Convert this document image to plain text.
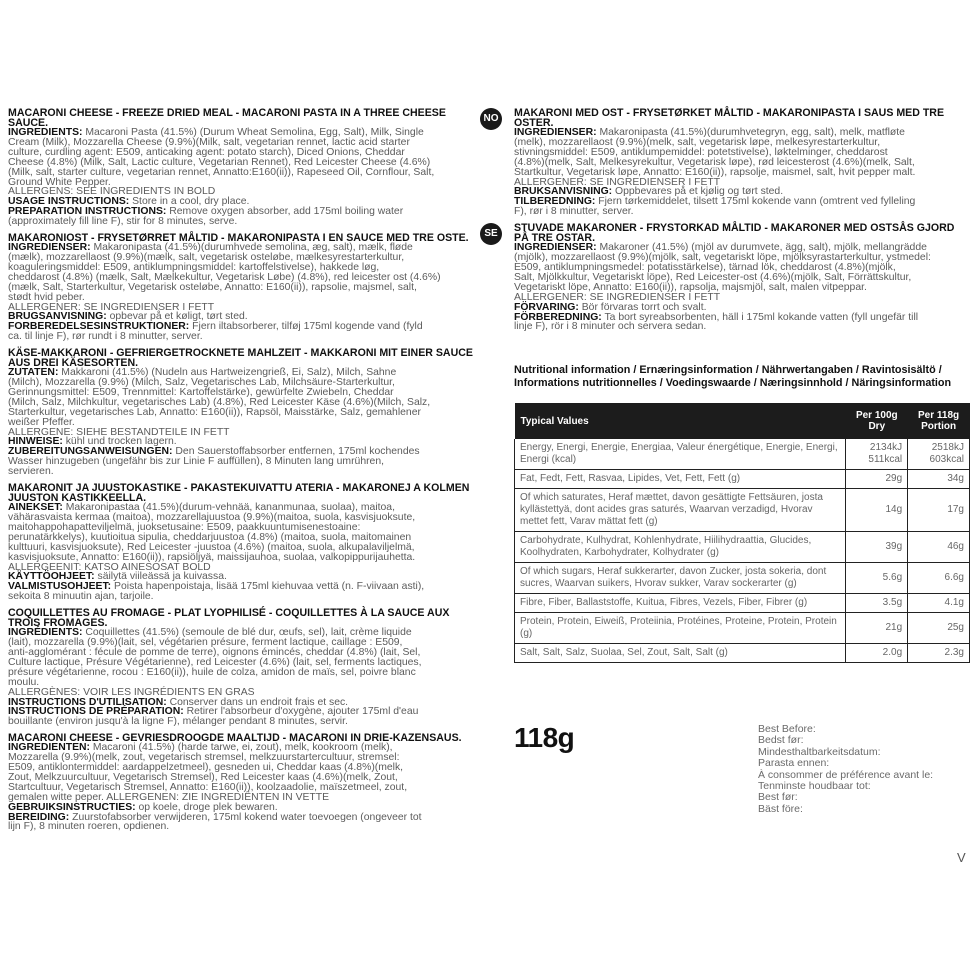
MACARONI CHEESE - FREEZE DRIED MEAL - MACARONI PASTA IN A THREE CHEESE SAUCE.
INGREDIENTS: Macaroni Pasta (41.5%) (Durum Wheat Semolina, Egg, Salt), Milk, Single
Cream (Milk), Mozzarella Cheese (9.9%)(Milk, salt, vegetarian rennet, lactic acid starter
culture, curdling agent: E509, anticaking agent: potato starch), Diced Onions, Cheddar
Cheese (4.8%) (Milk, Salt, Lactic culture, Vegetarian Rennet), Red Leicester Cheese (4.6%)
(Milk, salt, starter culture, vegetarian rennet, Annatto:E160(ii)), Rapeseed Oil, Cornflour, Salt,
Ground White Pepper.
ALLERGENS: SEE INGREDIENTS IN BOLD
USAGE INSTRUCTIONS: Store in a cool, dry place.
PREPARATION INSTRUCTIONS: Remove oxygen absorber, add 175ml boiling water
(approximately fill line F), stir for 8 minutes, serve.
MAKARONIOST - FRYSETØRRET MÅLTID - MAKARONIPASTA I EN SAUCE MED TRE OSTE.
INGREDIENSER: Makaronipasta (41.5%)(durumhvede semolina, æg, salt), mælk, fløde
(mælk), mozzarellaost (9.9%)(mælk, salt, vegetarisk osteløbe, mælkesyrestarterkultur,
koaguleringsmiddel: E509, antiklumpningsmiddel: kartoffelstivelse), hakkede løg,
cheddarost (4.8%) (mælk, Salt, Mælkekultur, Vegetarisk Løbe) (4.8%), red leicester ost (4.6%)
(mælk, Salt, Starterkultur, Vegetarisk osteløbe, Annatto: E160(ii)), rapsolie, majsmel, salt,
stødt hvid peber.
ALLERGENER: SE INGREDIENSER I FETT
BRUGSANVISNING: opbevar på et køligt, tørt sted.
FORBEREDELSESINSTRUKTIONER: Fjern iltabsorberer, tilføj 175ml kogende vand (fyld
ca. til linje F), rør rundt i 8 minutter, server.
KÄSE-MAKKARONI - GEFRIERGETROCKNETE MAHLZEIT - MAKKARONI MIT EINER SAUCE AUS DREI KÄSESORTEN.
ZUTATEN: Makkaroni (41.5%) (Nudeln aus Hartweizengrieß, Ei, Salz), Milch, Sahne
(Milch), Mozzarella (9.9%) (Milch, Salz, Vegetarisches Lab, Milchsäure-Starterkultur,
Gerinnungsmittel: E509, Trennmittel: Kartoffelstärke), gewürfelte Zwiebeln, Cheddar
(Milch, Salz, Milchkultur, vegetarisches Lab) (4.8%), Red Leicester Käse (4.6%)(Milch, Salz,
Starterkultur, vegetarisches Lab, Annatto: E160(ii)), Rapsöl, Maisstärke, Salz, gemahlener
weißer Pfeffer.
ALLERGENE: SIEHE BESTANDTEILE IN FETT
HINWEISE: kühl und trocken lagern.
ZUBEREITUNGSANWEISUNGEN: Den Sauerstoffabsorber entfernen, 175ml kochendes
Wasser hinzugeben (ungefähr bis zur Linie F auffüllen), 8 Minuten lang umrühren,
servieren.
MAKARONIT JA JUUSTOKASTIKE - PAKASTEKUIVATTU ATERIA - MAKARONEJ A KOLMEN JUUSTON KASTIKKEELLA.
AINEKSET: Makaronipastaa (41.5%)(durum-vehnää, kananmunaa, suolaa), maitoa,
vähärasvaista kermaa (maitoa), mozzarellajuustoa (9.9%)(maitoa, suola, kasvisjuoksute,
maitohappohapatteviljelmä, juoksetusaine: E509, paakkuuntumisenestoaine:
perunatärkkelys), kuutioitua sipulia, cheddarjuustoa (4.8%) (maitoa, suola, maitomainen
kulttuuri, kasvisjuoksute), Red Leicester -juustoa (4.6%) (maitoa, suola, alkupalaviljelmä,
kasvisjuoksute, Annatto: E160(ii)), rapsiöljyä, maissijauhoa, suolaa, valkopippurijauhetta.
ALLERGEENIT: KATSO AINESOSAT BOLD
KÄYTTÖOHJEET: säilytä viileässä ja kuivassa.
VALMISTUSOHJEET: Poista hapenpoistaja, lisää 175ml kiehuvaa vettä (n. F-viivaan asti),
sekoita 8 minuutin ajan, tarjoile.
COQUILLETTES AU FROMAGE - PLAT LYOPHILISÉ - COQUILLETTES À LA SAUCE AUX TROIS FROMAGES.
INGRÉDIENTS: Coquillettes (41.5%) (semoule de blé dur, œufs, sel), lait, crème liquide
(lait), mozzarella (9.9%)(lait, sel, végétarien présure, ferment lactique, caillage : E509,
anti-agglomérant : fécule de pomme de terre), oignons émincés, cheddar (4.8%) (lait, Sel,
Culture lactique, Présure Végétarienne), red Leicester (4.6%) (lait, sel, ferments lactiques,
présure végétarienne, rocou : E160(ii)), huile de colza, amidon de maïs, sel, poivre blanc
moulu.
ALLERGÈNES: VOIR LES INGRÉDIENTS EN GRAS
INSTRUCTIONS D'UTILISATION: Conserver dans un endroit frais et sec.
INSTRUCTIONS DE PRÉPARATION: Retirer l'absorbeur d'oxygène, ajouter 175ml d'eau
bouillante (environ jusqu'à la ligne F), mélanger pendant 8 minutes, servir.
MACARONI CHEESE - GEVRIESDROOGDE MAALTIJD - MACARONI IN DRIE-KAZENSAUS.
INGREDIENTEN: Macaroni (41.5%) (harde tarwe, ei, zout), melk, kookroom (melk),
Mozzarella (9.9%)(melk, zout, vegetarisch stremsel, melkzuurstartercultuur, stremsel:
E509, antiklontermiddel: aardappelzetmeel), gesneden ui, Cheddar kaas (4.8%)(melk,
Zout, Melkzuurcultuur, Vegetarisch Stremsel), Red Leicester kaas (4.6%)(melk, Zout,
Startcultuur, Vegetarisch Stremsel, Annatto: E160(ii)), koolzaadolie, maïszetmeel, zout,
gemalen witte peper. ALLERGENEN: ZIE INGREDIËNTEN IN VETTE
GEBRUIKSINSTRUCTIES: op koele, droge plek bewaren.
BEREIDING: Zuurstofabsorber verwijderen, 175ml kokend water toevoegen (ongeveer tot
lijn F), 8 minuten roeren, opdienen.
NO	MAKARONI MED OST - FRYSETØRKET MÅLTID - MAKARONIPASTA I SAUS MED TRE OSTER.
INGREDIENSER: Makaronipasta (41.5%)(durumhvetegryn, egg, salt), melk, matfløte
(melk), mozzarellaost (9.9%)(melk, salt, vegetarisk løpe, melkesyrestarterkultur,
stivningsmiddel: E509, antiklumpemiddel: potetstivelse), løktelminger, cheddarost
(4.8%)(melk, Salt, Melkesyrekultur, Vegetarisk løpe), rød leicesterost (4.6%)(melk, Salt,
Startkultur, Vegetarisk løpe, Annatto: E160(ii)), rapsolje, maismel, salt, hvit pepper malt.
ALLERGENER: SE INGREDIENSER I FETT
BRUKSANVISNING: Oppbevares på et kjølig og tørt sted.
TILBEREDNING: Fjern tørkemiddelet, tilsett 175ml kokende vann (omtrent ved fylleling
F), rør i 8 minutter, server.
SE	STUVADE MAKARONER - FRYSTORKAD MÅLTID - MAKARONER MED OSTSÅS GJORD PÅ TRE OSTAR.
INGREDIENSER: Makaroner (41.5%) (mjöl av durumvete, ägg, salt), mjölk, mellangrädde
(mjölk), mozzarellaost (9.9%)(mjölk, salt, vegetariskt löpe, mjölksyrastarterkultur, ystmedel:
E509, antiklumpningsmedel: potatisstärkelse), tärnad lök, cheddarost (4.8%)(mjölk,
Salt, Mjölkkultur, Vegetariskt löpe), Red Leicester-ost (4.6%)(mjölk, Salt, Förrättskultur,
Vegetariskt löpe, Annatto: E160(ii)), rapsolja, majsmjöl, salt, malen vitpeppar.
ALLERGENER: SE INGREDIENSER I FETT
FÖRVARING: Bör förvaras torrt och svalt.
FÖRBEREDNING: Ta bort syreabsorbenten, häll i 175ml kokande vatten (fyll ungefär till
linje F), rör i 8 minuter och servera sedan.
Nutritional information / Ernæringsinformation / Nährwertangaben / Ravintosisältö /
Informations nutritionnelles / Voedingswaarde / Næringsinnhold / Näringsinformation
Typical Values	Per 100g Dry	Per 118g Portion
Energy, Energi, Energie, Energiaa, Valeur énergétique, Energie, Energi, Energi (kcal)	2134kJ 511kcal	2518kJ 603kcal
Fat, Fedt, Fett, Rasvaa, Lipides, Vet, Fett, Fett (g)	29g	34g
Of which saturates, Heraf mættet, davon gesättigte Fettsäuren, josta kyllästettyä, dont acides gras saturés, Waarvan verzadigd, Hvorav mettet fett, Varav mättat fett (g)	14g	17g
Carbohydrate, Kulhydrat, Kohlenhydrate, Hiilihydraattia, Glucides, Koolhydraten, Karbohydrater, Kolhydrater (g)	39g	46g
Of which sugars, Heraf sukkerarter, davon Zucker, josta sokeria, dont sucres, Waarvan suikers, Hvorav sukker, Varav sockerarter (g)	5.6g	6.6g
Fibre, Fiber, Ballaststoffe, Kuitua, Fibres, Vezels, Fiber, Fibrer (g)	3.5g	4.1g
Protein, Protein, Eiweiß, Proteiinia, Protéines, Proteine, Protein, Protein (g)	21g	25g
Salt, Salt, Salz, Suolaa, Sel, Zout, Salt, Salt (g)	2.0g	2.3g
118g	Best Before:
Bedst før:
Mindesthaltbarkeitsdatum:
Parasta ennen:
À consommer de préférence avant le:
Tenminste houdbaar tot:
Best før:
Bäst före:
V
